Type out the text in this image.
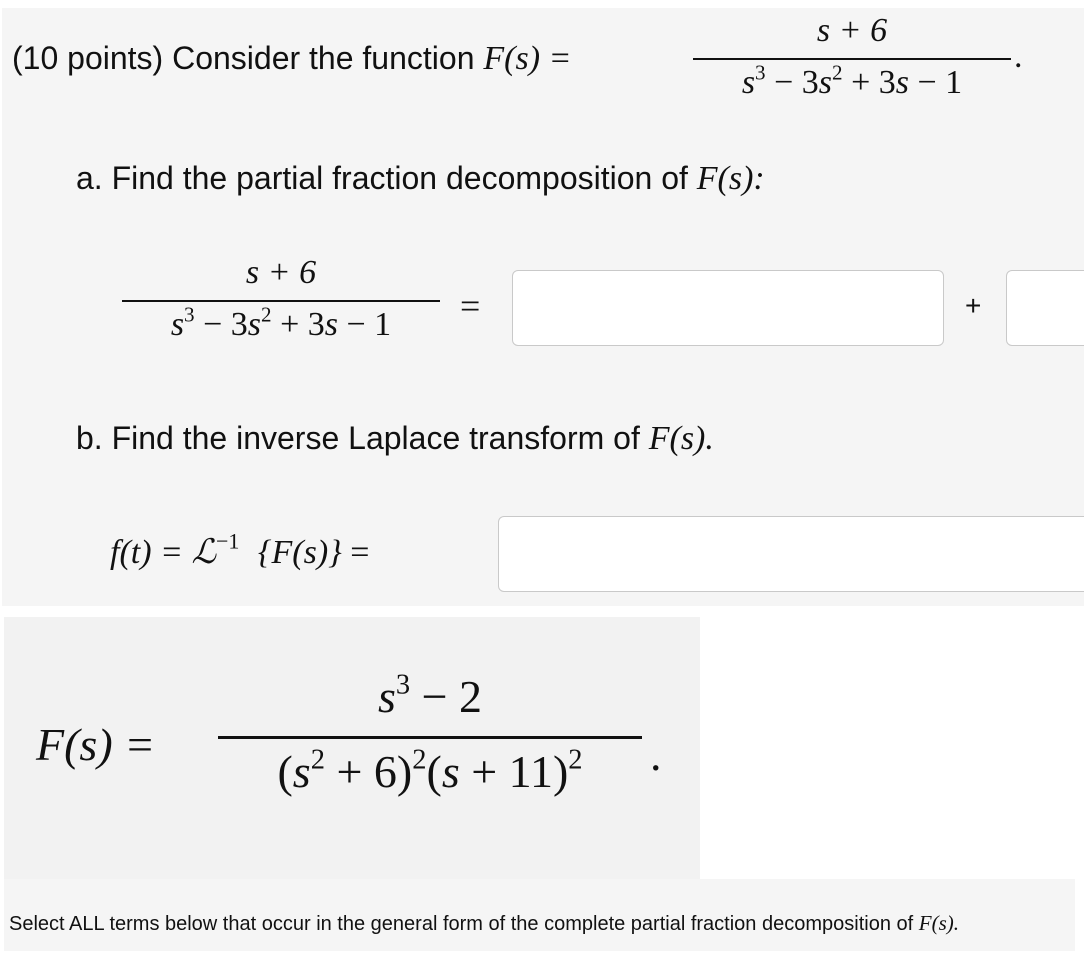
(10 points) Consider the function F(s) =
s + 6
$s^3 - 3s^2 + 3s - 1$
.
a. Find the partial fraction decomposition of F(s):
s + 6
$s^3 - 3s^2 + 3s - 1$ =	+
b. Find the inverse Laplace transform of F(s).
f(t) = ℒ$^{-1}$ {F(s)} =
F(s) =
$s^3 - 2$
$(s^2 + 6)^2(s + 11)^2$ .
Select ALL terms below that occur in the general form of the complete partial fraction decomposition of F(s).
